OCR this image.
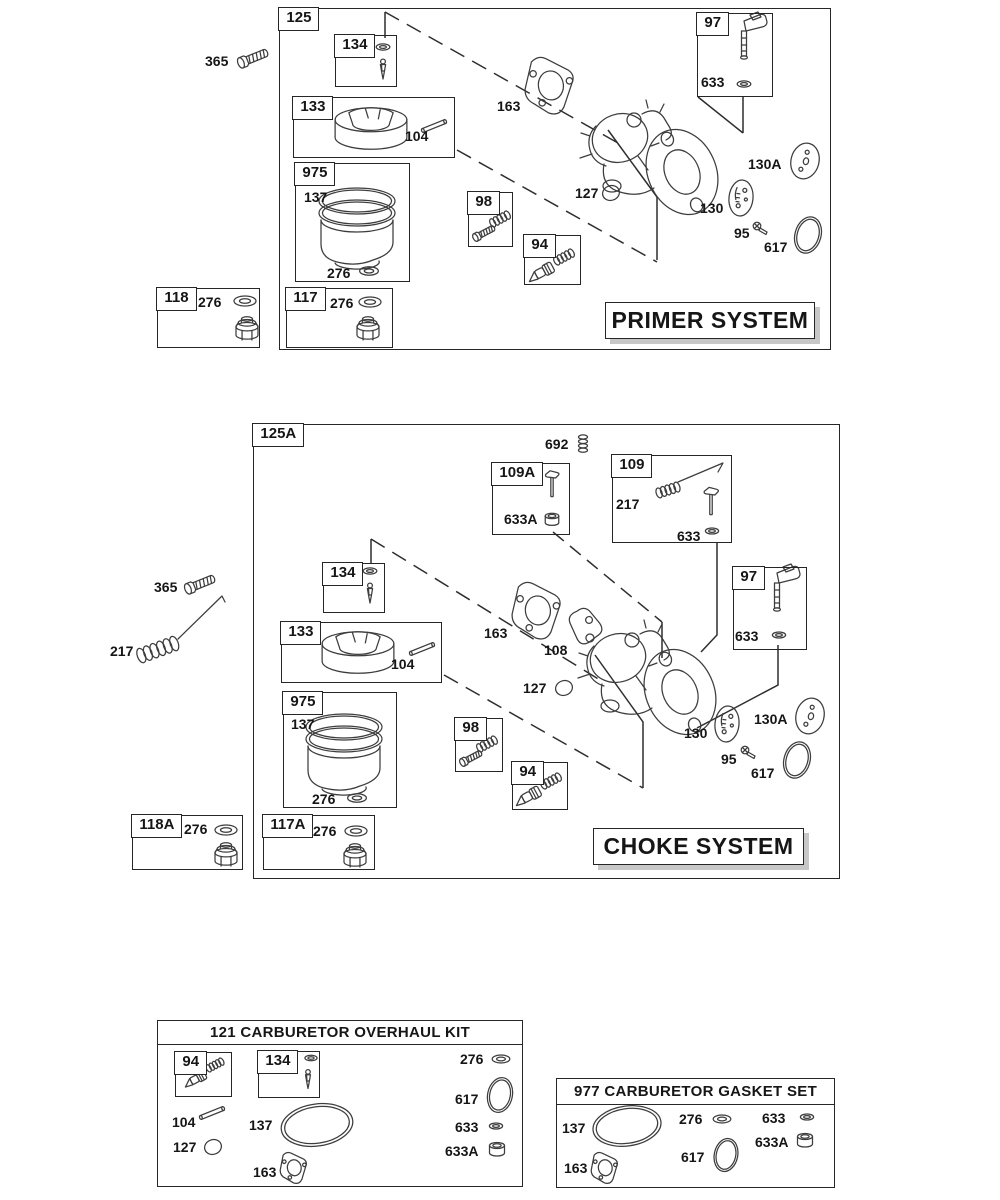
125
134
133
975
118	117
98
94
97
365
104
137
276
276	276
163
127
633
130A
130
95
617
PRIMER SYSTEM
125A
109A	109
134
133
975
118A	117A
98
94
97
365
217
692
633A
217
633
104
137
276
276	276
163
108
127
633
130
130A
95
617
CHOKE SYSTEM
121 CARBURETOR OVERHAUL KIT
94	134
104
127
137
163
276
617
633
633A
977 CARBURETOR GASKET SET
137
163
276
617
633
633A
